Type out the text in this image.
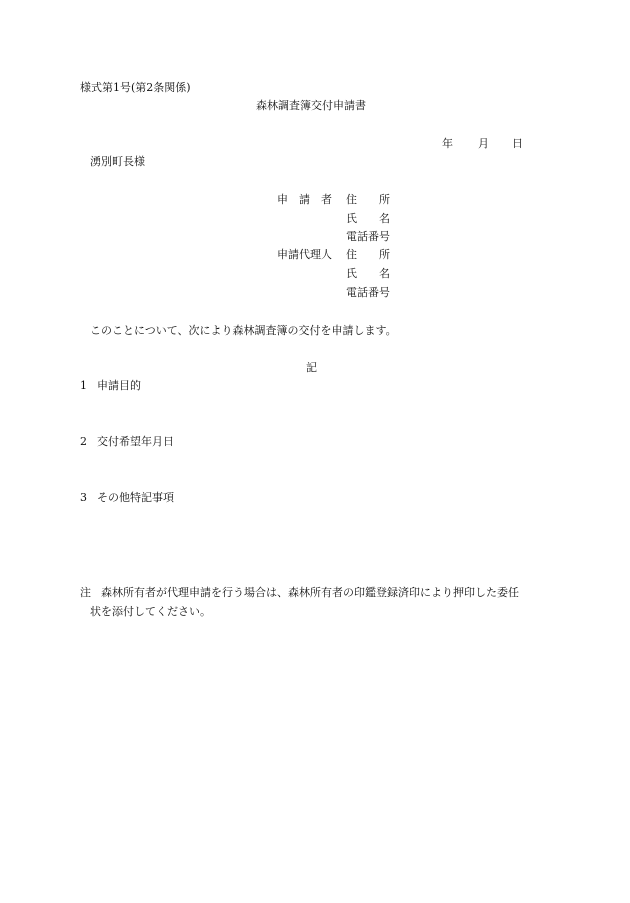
様式第1号(第2条関係)
森林調査簿交付申請書
年 月 日
湧別町長様
申　請　者 住　　所
氏　　名
電話番号
申請代理人 住　　所
氏　　名
電話番号
このことについて、次により森林調査簿の交付を申請します。
記
1 申請目的
2 交付希望年月日
3 その他特記事項
注 森林所有者が代理申請を行う場合は、森林所有者の印鑑登録済印により押印した委任
状を添付してください。
